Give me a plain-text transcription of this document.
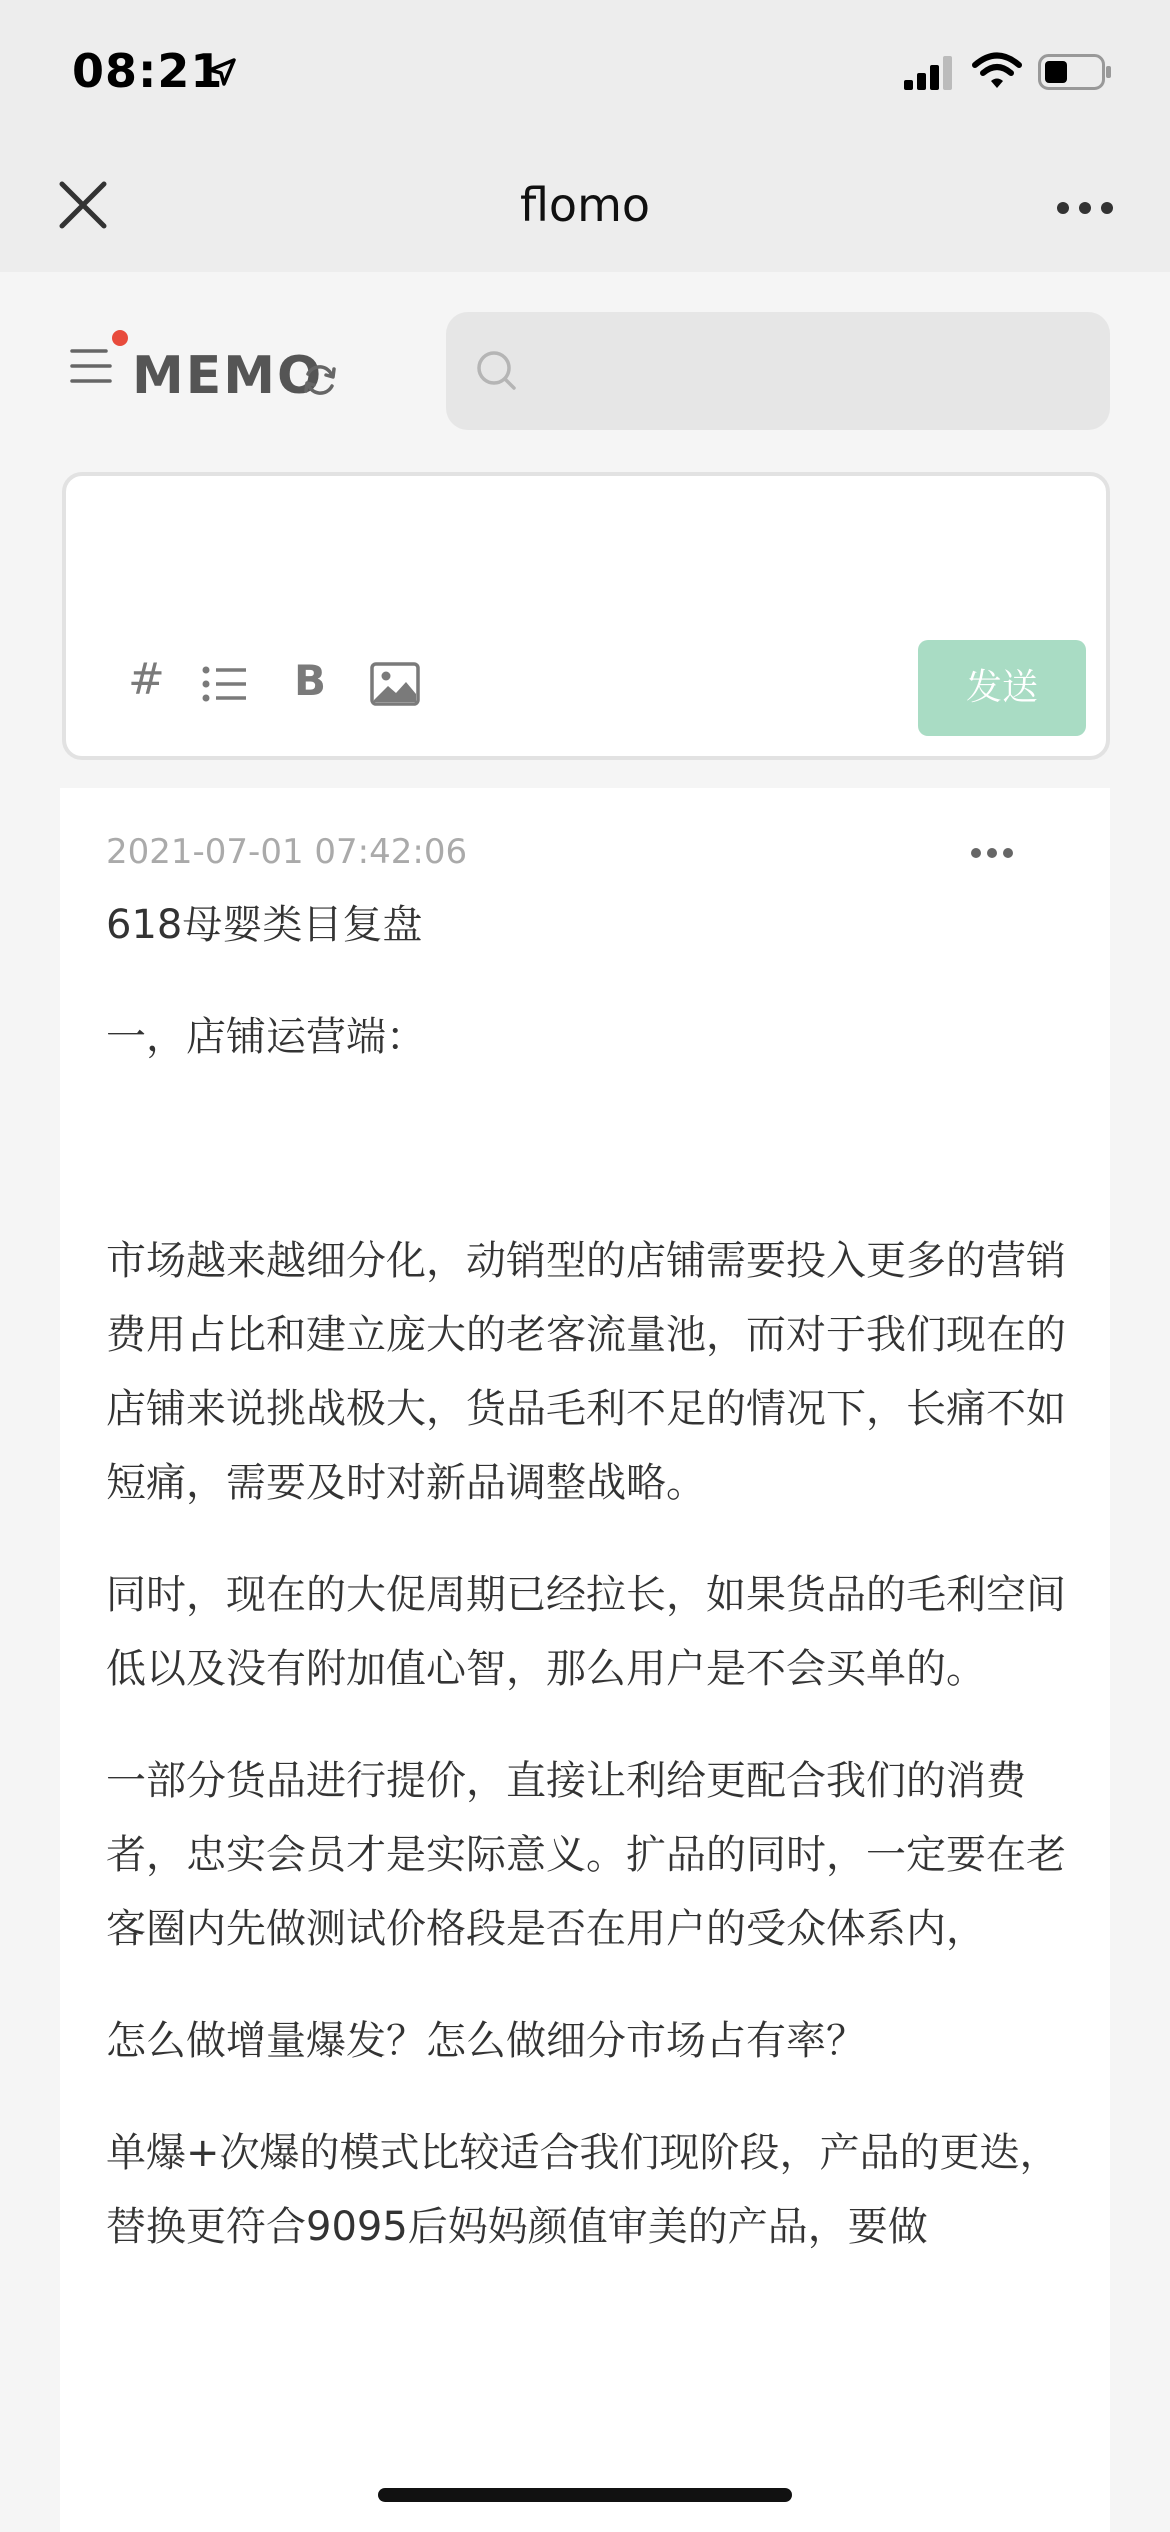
08:21
flomo
MEMO
#	B	发送
2021-07-01 07:42:06

618母婴类目复盘

一，店铺运营端：

市场越来越细分化，动销型的店铺需要投入更多的营销费用占比和建立庞大的老客流量池，而对于我们现在的店铺来说挑战极大，货品毛利不足的情况下，长痛不如短痛，需要及时对新品调整战略。

同时，现在的大促周期已经拉长，如果货品的毛利空间低以及没有附加值心智，那么用户是不会买单的。

一部分货品进行提价，直接让利给更配合我们的消费者，忠实会员才是实际意义。扩品的同时，一定要在老客圈内先做测试价格段是否在用户的受众体系内，

怎么做增量爆发？怎么做细分市场占有率？

单爆+次爆的模式比较适合我们现阶段，产品的更迭，替换更符合9095后妈妈颜值审美的产品，要做
